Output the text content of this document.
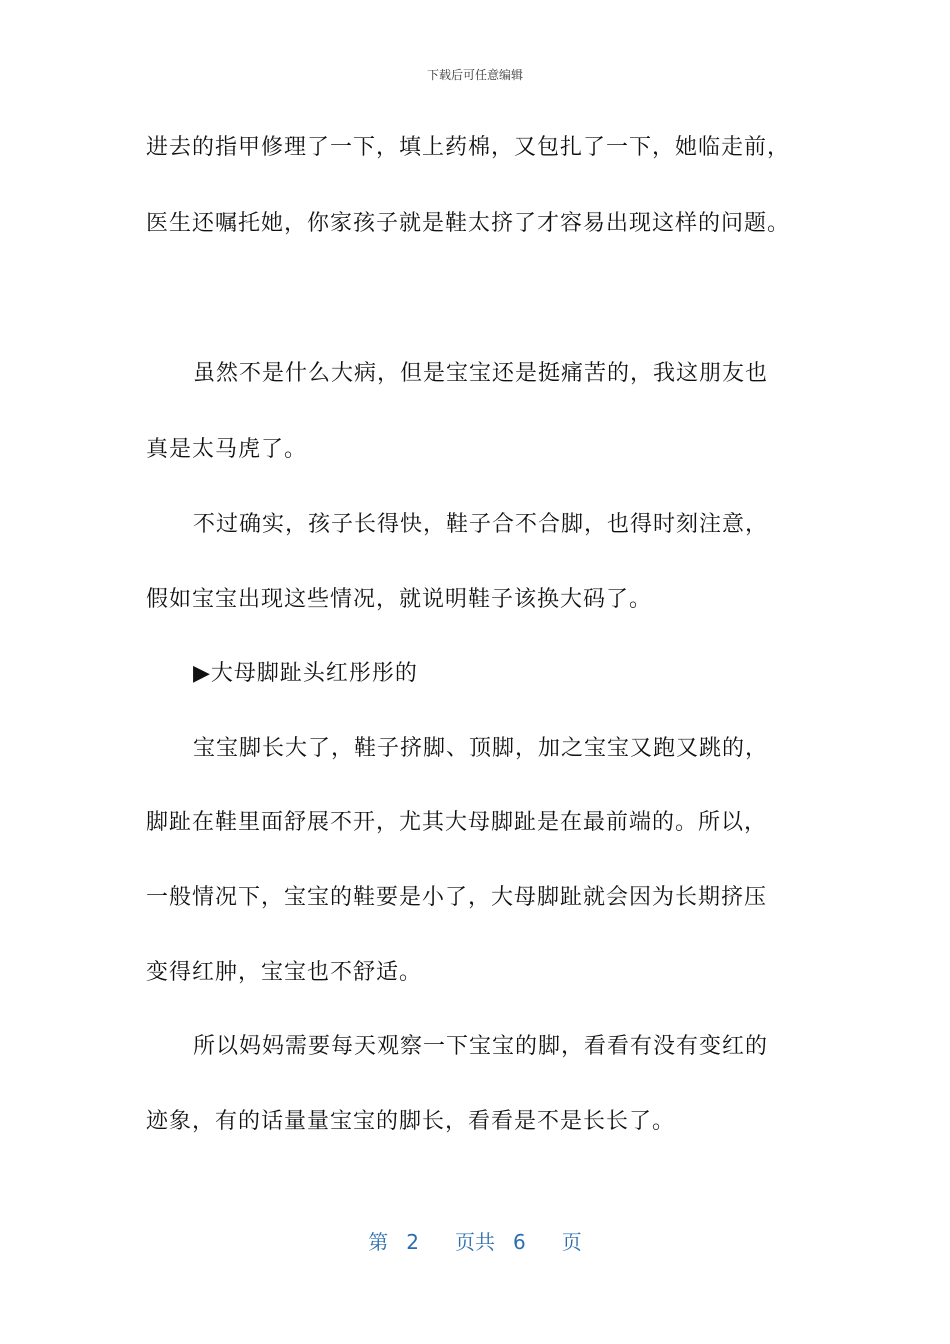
下载后可任意编辑
进去的指甲修理了一下，填上药棉，又包扎了一下，她临走前，
医生还嘱托她，你家孩子就是鞋太挤了才容易出现这样的问题。
虽然不是什么大病，但是宝宝还是挺痛苦的，我这朋友也
真是太马虎了。
不过确实，孩子长得快，鞋子合不合脚，也得时刻注意，
假如宝宝出现这些情况，就说明鞋子该换大码了。
▶大母脚趾头红彤彤的
宝宝脚长大了，鞋子挤脚、顶脚，加之宝宝又跑又跳的，
脚趾在鞋里面舒展不开，尤其大母脚趾是在最前端的。所以，
一般情况下，宝宝的鞋要是小了，大母脚趾就会因为长期挤压
变得红肿，宝宝也不舒适。
所以妈妈需要每天观察一下宝宝的脚，看看有没有变红的
迹象，有的话量量宝宝的脚长，看看是不是长长了。
第 2 页共 6 页
